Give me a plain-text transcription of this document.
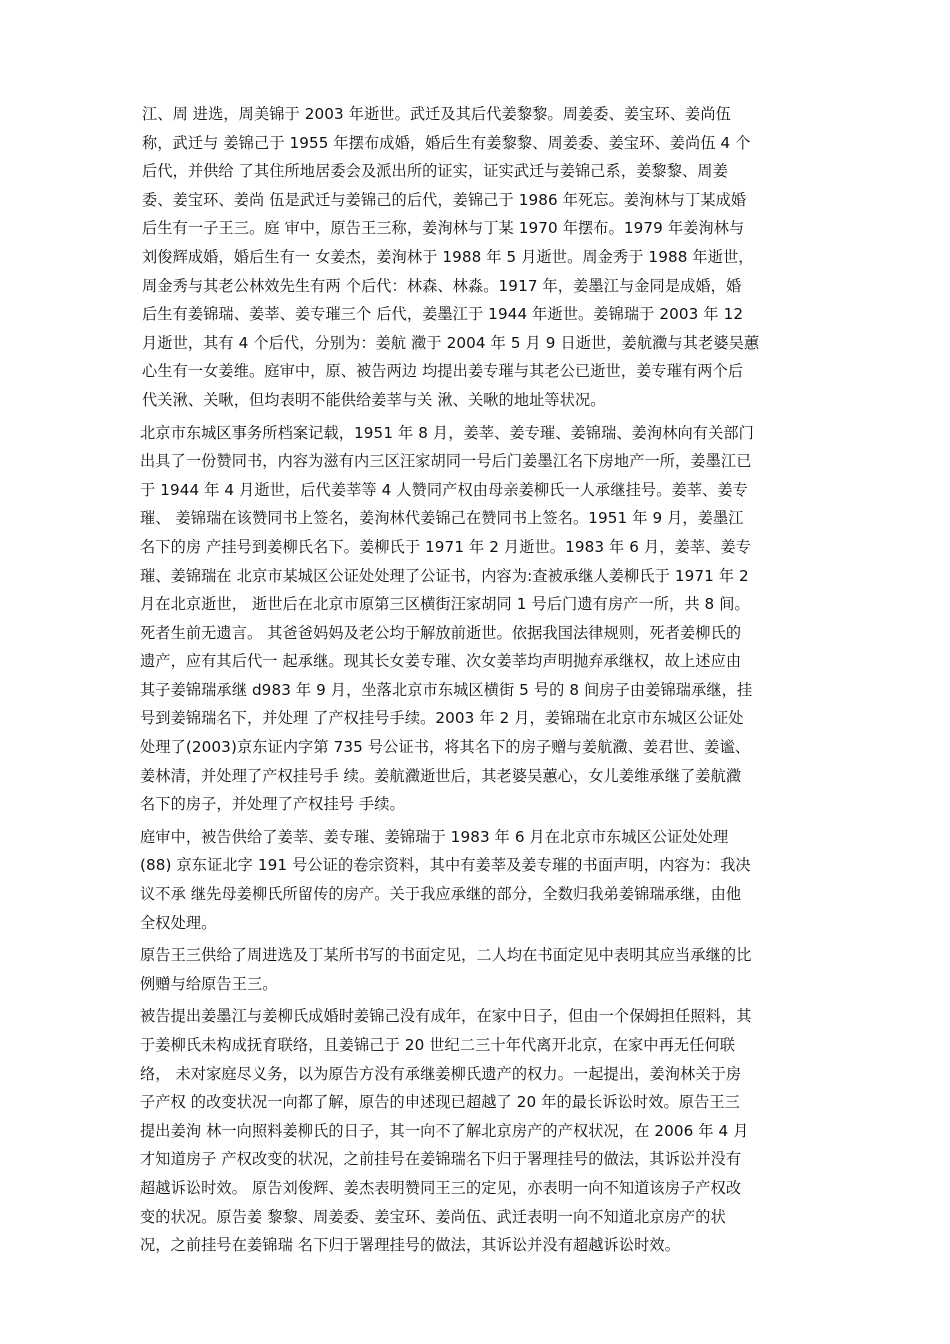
江、周 进选，周美锦于 2003 年逝世。武迁及其后代姜黎黎。周姜委、姜宝环、姜尚伍
称，武迁与 姜锦己于 1955 年摆布成婚，婚后生有姜黎黎、周姜委、姜宝环、姜尚伍 4 个
后代，并供给 了其住所地居委会及派出所的证实，证实武迁与姜锦己系，姜黎黎、周姜
委、姜宝环、姜尚 伍是武迁与姜锦己的后代，姜锦己于 1986 年死忘。姜洵林与丁某成婚
后生有一子王三。庭 审中，原告王三称，姜洵林与丁某 1970 年摆布。1979 年姜洵林与
刘俊辉成婚，婚后生有一 女姜杰，姜洵林于 1988 年 5 月逝世。周金秀于 1988 年逝世，
周金秀与其老公林效先生有两 个后代：林森、林淼。1917 年，姜墨江与金同是成婚，婚
后生有姜锦瑞、姜莘、姜专璀三个 后代，姜墨江于 1944 年逝世。姜锦瑞于 2003 年 12
月逝世，其有 4 个后代，分别为：姜航 瀓于 2004 年 5 月 9 日逝世，姜航瀓与其老婆吴蕙
心生有一女姜维。庭审中，原、被告两边 均提出姜专璀与其老公已逝世，姜专璀有两个后
代关湫、关啾，但均表明不能供给姜莘与关 湫、关啾的地址等状况。
北京市东城区事务所档案记载，1951 年 8 月，姜莘、姜专璀、姜锦瑞、姜洵林向有关部门
出具了一份赞同书，内容为滋有内三区汪家胡同一号后门姜墨江名下房地产一所，姜墨江已
于 1944 年 4 月逝世，后代姜莘等 4 人赞同产权由母亲姜柳氏一人承继挂号。姜莘、姜专
璀、 姜锦瑞在该赞同书上签名，姜洵林代姜锦己在赞同书上签名。1951 年 9 月，姜墨江
名下的房 产挂号到姜柳氏名下。姜柳氏于 1971 年 2 月逝世。1983 年 6 月，姜莘、姜专
璀、姜锦瑞在 北京市某城区公证处处理了公证书，内容为:查被承继人姜柳氏于 1971 年 2
月在北京逝世， 逝世后在北京市原第三区横街汪家胡同 1 号后门遗有房产一所，共 8 间。
死者生前无遗言。 其爸爸妈妈及老公均于解放前逝世。依据我国法律规则，死者姜柳氏的
遗产，应有其后代一 起承继。现其长女姜专璀、次女姜莘均声明抛弃承继权，故上述应由
其子姜锦瑞承继 d983 年 9 月，坐落北京市东城区横街 5 号的 8 间房子由姜锦瑞承继，挂
号到姜锦瑞名下，并处理 了产权挂号手续。2003 年 2 月，姜锦瑞在北京市东城区公证处
处理了(2003)京东证内字第 735 号公证书，将其名下的房子赠与姜航瀓、姜君世、姜谧、
姜林清，并处理了产权挂号手 续。姜航瀓逝世后，其老婆吴蕙心，女儿姜维承继了姜航瀓
名下的房子，并处理了产权挂号 手续。
庭审中，被告供给了姜莘、姜专璀、姜锦瑞于 1983 年 6 月在北京市东城区公证处处理
(88) 京东证北字 191 号公证的卷宗资料，其中有姜莘及姜专璀的书面声明，内容为：我决
议不承 继先母姜柳氏所留传的房产。关于我应承继的部分，全数归我弟姜锦瑞承继，由他
全权处理。
原告王三供给了周进选及丁某所书写的书面定见，二人均在书面定见中表明其应当承继的比
例赠与给原告王三。
被告提出姜墨江与姜柳氏成婚时姜锦己没有成年，在家中日子，但由一个保姆担任照料，其
于姜柳氏未构成抚育联络，且姜锦己于 20 世纪二三十年代离开北京，在家中再无任何联
络， 未对家庭尽义务，以为原告方没有承继姜柳氏遗产的权力。一起提出，姜洵林关于房
子产权 的改变状况一向都了解，原告的申述现已超越了 20 年的最长诉讼时效。原告王三
提出姜洵 林一向照料姜柳氏的日子，其一向不了解北京房产的产权状况，在 2006 年 4 月
才知道房子 产权改变的状况，之前挂号在姜锦瑞名下归于署理挂号的做法，其诉讼并没有
超越诉讼时效。 原告刘俊辉、姜杰表明赞同王三的定见，亦表明一向不知道该房子产权改
变的状况。原告姜 黎黎、周姜委、姜宝环、姜尚伍、武迁表明一向不知道北京房产的状
况，之前挂号在姜锦瑞 名下归于署理挂号的做法，其诉讼并没有超越诉讼时效。
